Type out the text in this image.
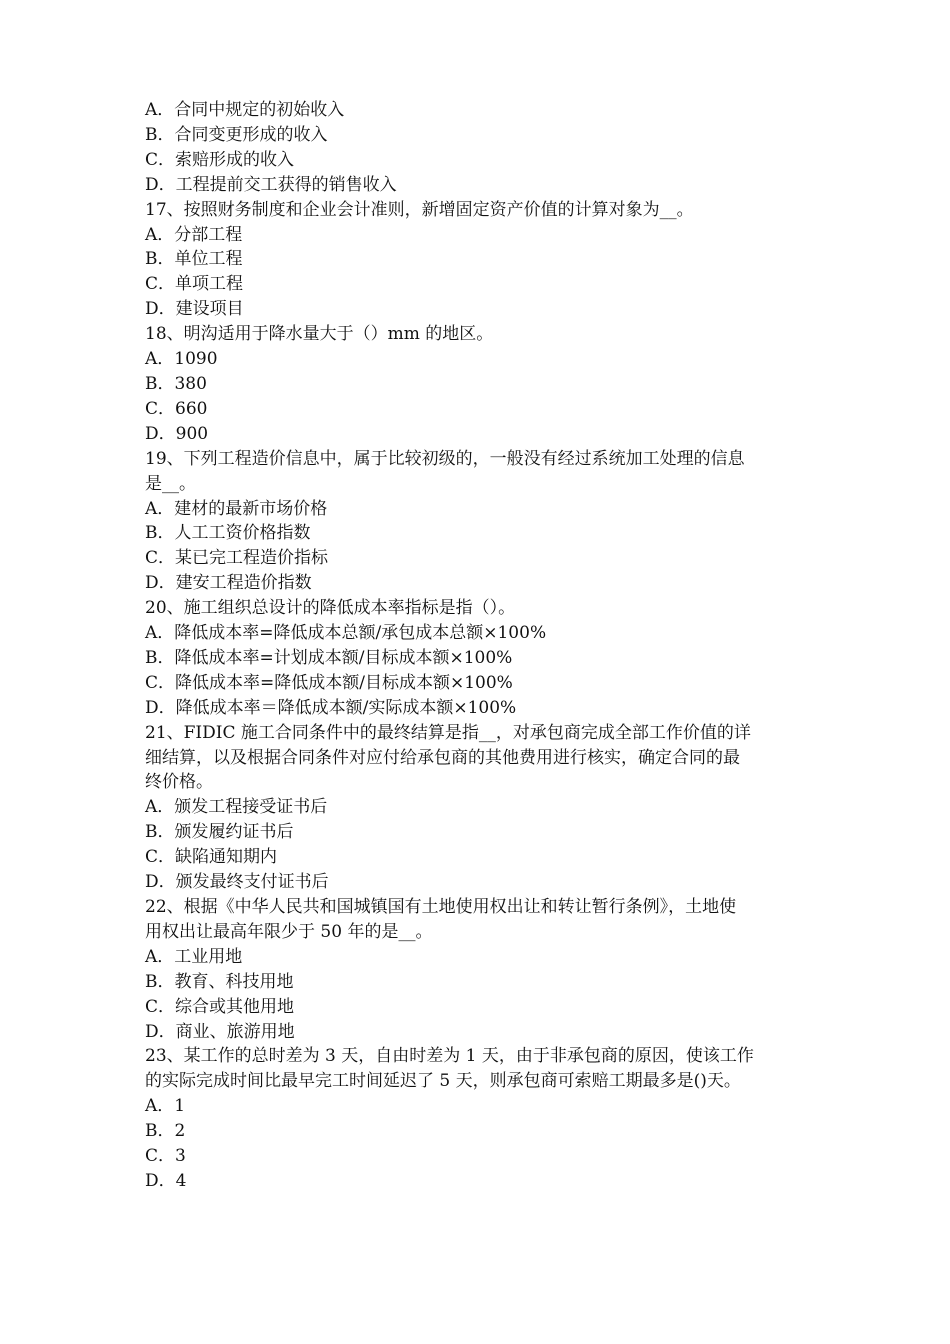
A．合同中规定的初始收入
B．合同变更形成的收入
C．索赔形成的收入
D．工程提前交工获得的销售收入
17、按照财务制度和企业会计准则，新增固定资产价值的计算对象为__。
A．分部工程
B．单位工程
C．单项工程
D．建设项目
18、明沟适用于降水量大于（）mm 的地区。
A．1090
B．380
C．660
D．900
19、下列工程造价信息中，属于比较初级的，一般没有经过系统加工处理的信息
是__。
A．建材的最新市场价格
B．人工工资价格指数
C．某已完工程造价指标
D．建安工程造价指数
20、施工组织总设计的降低成本率指标是指（）。
A．降低成本率=降低成本总额/承包成本总额×100%
B．降低成本率=计划成本额/目标成本额×100%
C．降低成本率=降低成本额/目标成本额×100%
D．降低成本率＝降低成本额/实际成本额×100%
21、FIDIC 施工合同条件中的最终结算是指__，对承包商完成全部工作价值的详
细结算，以及根据合同条件对应付给承包商的其他费用进行核实，确定合同的最
终价格。
A．颁发工程接受证书后
B．颁发履约证书后
C．缺陷通知期内
D．颁发最终支付证书后
22、根据《中华人民共和国城镇国有土地使用权出让和转让暂行条例》，土地使
用权出让最高年限少于 50 年的是__。
A．工业用地
B．教育、科技用地
C．综合或其他用地
D．商业、旅游用地
23、某工作的总时差为 3 天，自由时差为 1 天，由于非承包商的原因，使该工作
的实际完成时间比最早完工时间延迟了 5 天，则承包商可索赔工期最多是()天。
A．1
B．2
C．3
D．4
